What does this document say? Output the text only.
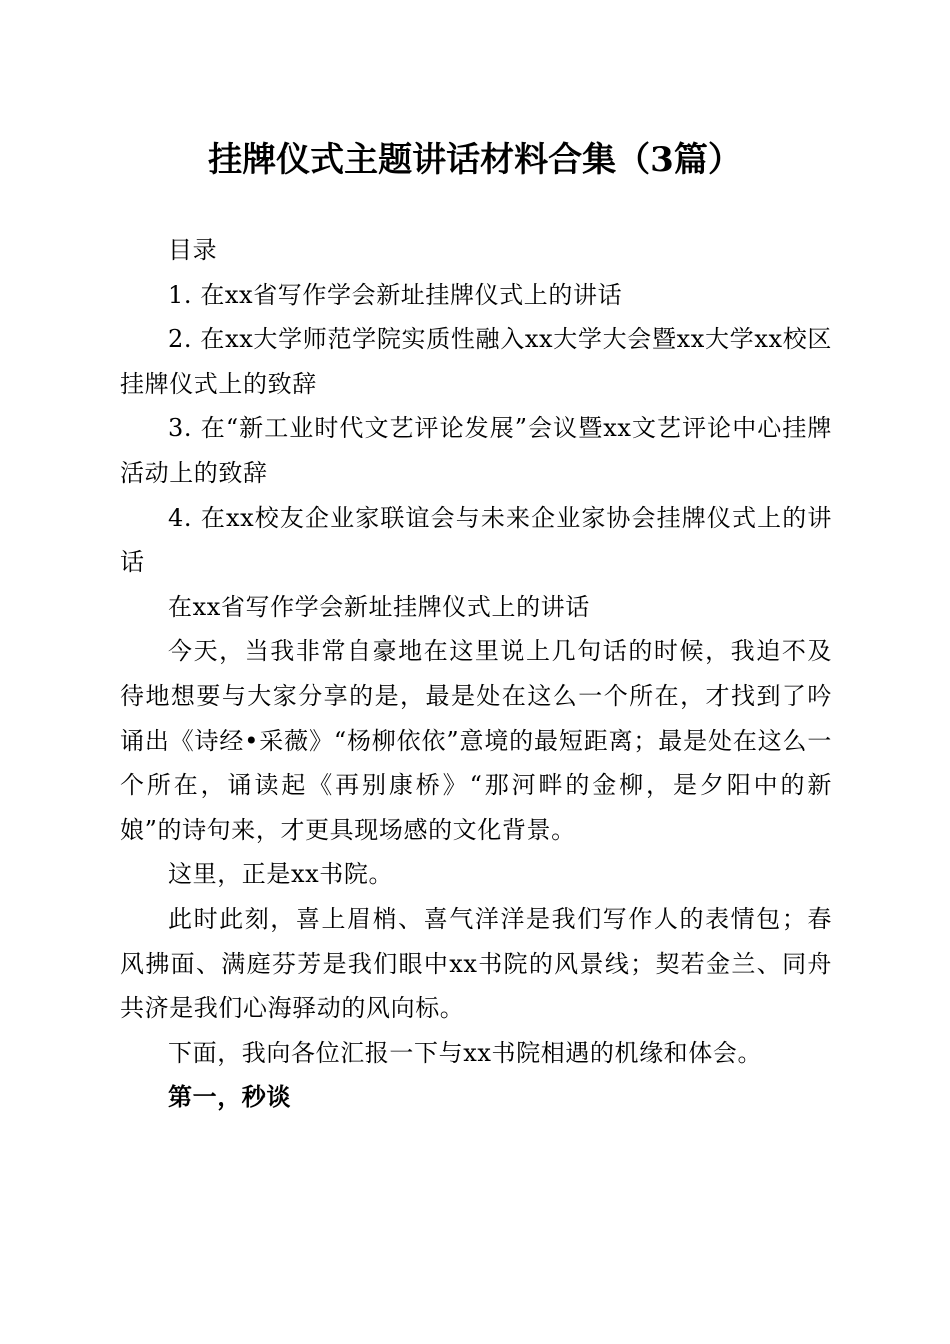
挂牌仪式主题讲话材料合集（3篇）

目录

1. 在xx省写作学会新址挂牌仪式上的讲话

2. 在xx大学师范学院实质性融入xx大学大会暨xx大学xx校区挂牌仪式上的致辞

3. 在“新工业时代文艺评论发展”会议暨xx文艺评论中心挂牌活动上的致辞

4. 在xx校友企业家联谊会与未来企业家协会挂牌仪式上的讲话

在xx省写作学会新址挂牌仪式上的讲话

今天，当我非常自豪地在这里说上几句话的时候，我迫不及待地想要与大家分享的是，最是处在这么一个所在，才找到了吟诵出《诗经•采薇》“杨柳依依”意境的最短距离；最是处在这么一个所在，诵读起《再别康桥》“那河畔的金柳，是夕阳中的新娘”的诗句来，才更具现场感的文化背景。

这里，正是xx书院。

此时此刻，喜上眉梢、喜气洋洋是我们写作人的表情包；春风拂面、满庭芬芳是我们眼中xx书院的风景线；契若金兰、同舟共济是我们心海驿动的风向标。

下面，我向各位汇报一下与xx书院相遇的机缘和体会。

第一，秒谈
